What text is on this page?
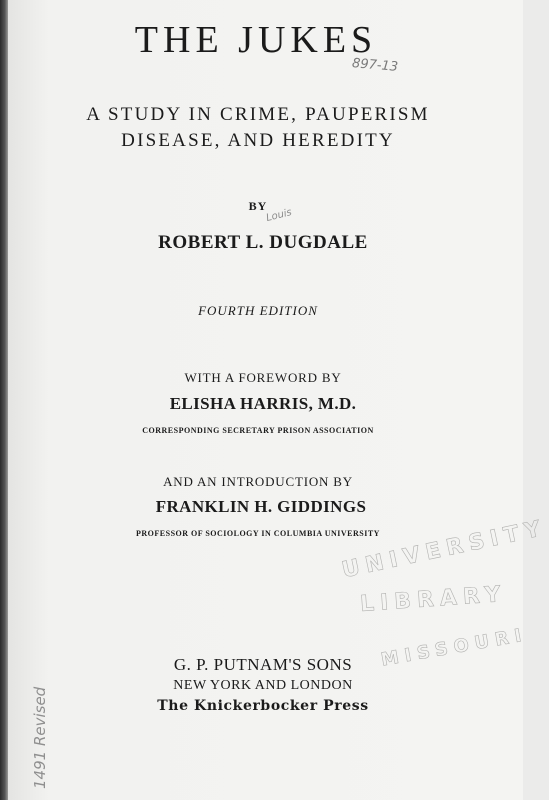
THE JUKES
897-13
A STUDY IN CRIME, PAUPERISM
DISEASE, AND HEREDITY
BY
Louis
ROBERT L. DUGDALE
FOURTH EDITION
WITH A FOREWORD BY
ELISHA HARRIS, M.D.
CORRESPONDING SECRETARY PRISON ASSOCIATION
AND AN INTRODUCTION BY
FRANKLIN H. GIDDINGS
PROFESSOR OF SOCIOLOGY IN COLUMBIA UNIVERSITY
UNIVERSITY
LIBRARY
MISSOURI
G. P. PUTNAM'S SONS
NEW YORK AND LONDON
The Knickerbocker Press
1491 Revised
